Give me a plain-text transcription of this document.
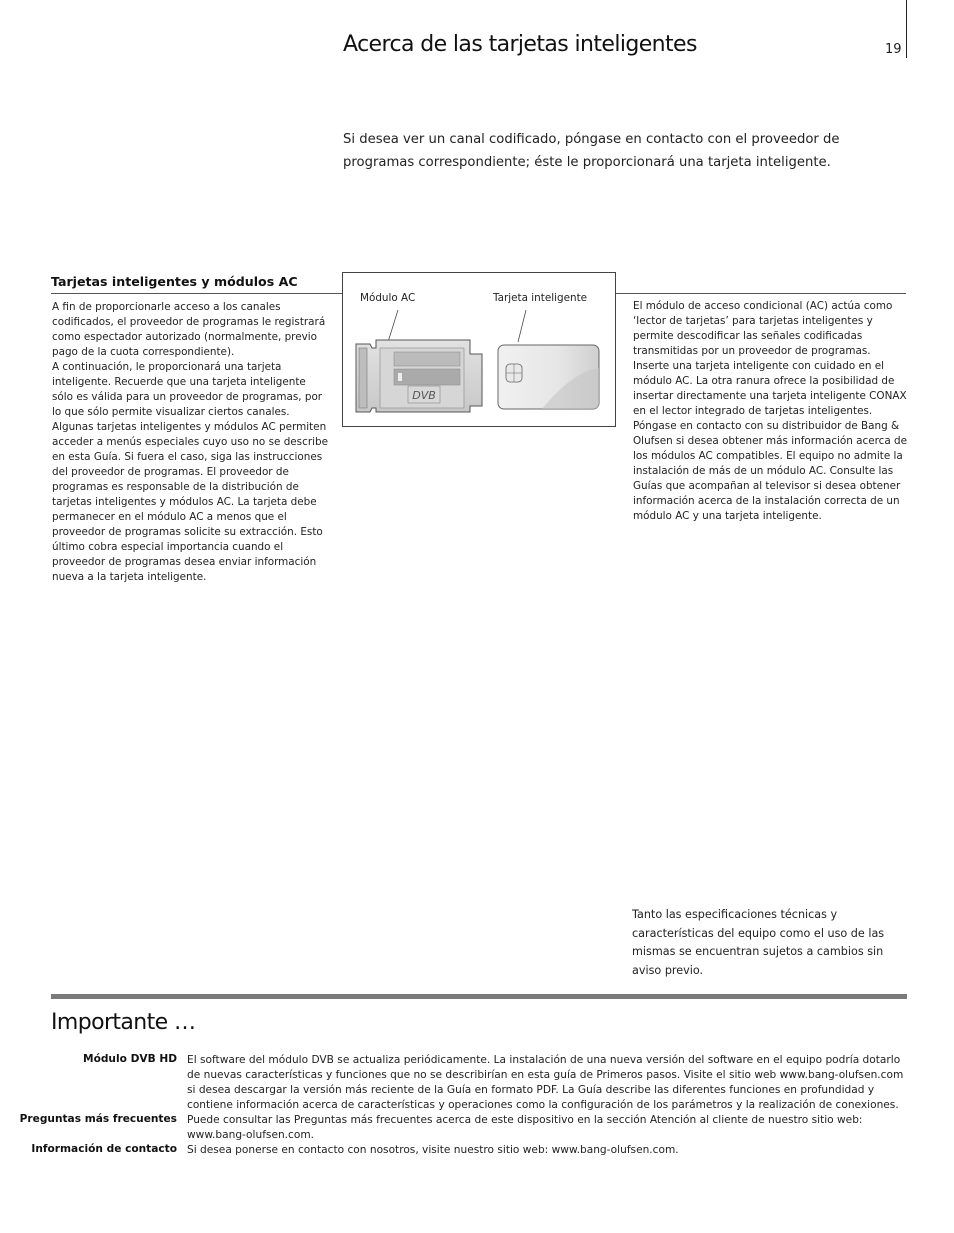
Acerca de las tarjetas inteligentes	19
Si desea ver un canal codificado, póngase en contacto con el proveedor de programas correspondiente; éste le proporcionará una tarjeta inteligente.
Tarjetas inteligentes y módulos AC

A fin de proporcionarle acceso a los canales codificados, el proveedor de programas le registrará como espectador autorizado (normalmente, previo pago de la cuota correspondiente).

A continuación, le proporcionará una tarjeta inteligente. Recuerde que una tarjeta inteligente sólo es válida para un proveedor de programas, por lo que sólo permite visualizar ciertos canales. Algunas tarjetas inteligentes y módulos AC permiten acceder a menús especiales cuyo uso no se describe en esta Guía. Si fuera el caso, siga las instrucciones del proveedor de programas. El proveedor de programas es responsable de la distribución de tarjetas inteligentes y módulos AC. La tarjeta debe permanecer en el módulo AC a menos que el proveedor de programas solicite su extracción. Esto último cobra especial importancia cuando el proveedor de programas desea enviar información nueva a la tarjeta inteligente.

Módulo AC	Tarjeta inteligente
DVB

El módulo de acceso condicional (AC) actúa como ‘lector de tarjetas’ para tarjetas inteligentes y permite descodificar las señales codificadas transmitidas por un proveedor de programas. Inserte una tarjeta inteligente con cuidado en el módulo AC. La otra ranura ofrece la posibilidad de insertar directamente una tarjeta inteligente CONAX en el lector integrado de tarjetas inteligentes. Póngase en contacto con su distribuidor de Bang & Olufsen si desea obtener más información acerca de los módulos AC compatibles. El equipo no admite la instalación de más de un módulo AC. Consulte las Guías que acompañan al televisor si desea obtener información acerca de la instalación correcta de un módulo AC y una tarjeta inteligente.

Tanto las especificaciones técnicas y características del equipo como el uso de las mismas se encuentran sujetos a cambios sin aviso previo.
Importante …
Módulo DVB HD El software del módulo DVB se actualiza periódicamente. La instalación de una nueva versión del software en el equipo podría dotarlo de nuevas características y funciones que no se describirían en esta guía de Primeros pasos. Visite el sitio web www.bang-olufsen.com si desea descargar la versión más reciente de la Guía en formato PDF. La Guía describe las diferentes funciones en profundidad y contiene información acerca de características y operaciones como la configuración de los parámetros y la realización de conexiones.
Preguntas más frecuentes Puede consultar las Preguntas más frecuentes acerca de este dispositivo en la sección Atención al cliente de nuestro sitio web: www.bang-olufsen.com.
Información de contacto Si desea ponerse en contacto con nosotros, visite nuestro sitio web: www.bang-olufsen.com.
